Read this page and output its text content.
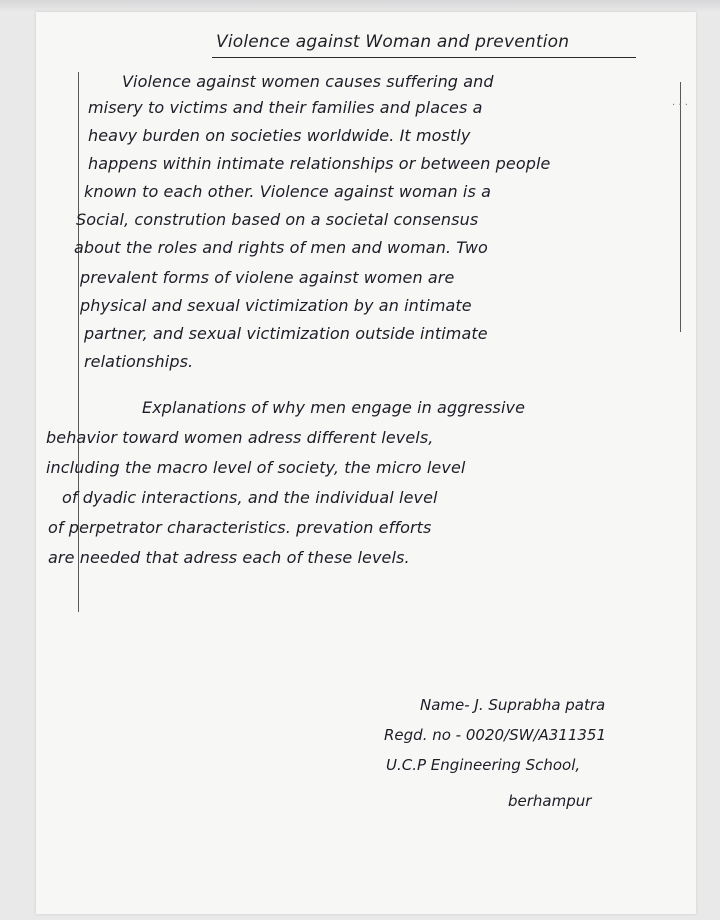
Violence against Woman and prevention
· · ·
Violence against women causes suffering and
misery to victims and their families and places a
heavy burden on societies worldwide. It mostly
happens within intimate relationships or between people
known to each other. Violence against woman is a
Social, constrution based on a societal consensus
about the roles and rights of men and woman. Two
prevalent forms of violene against women are
physical and sexual victimization by an intimate
partner, and sexual victimization outside intimate
relationships.
Explanations of why men engage in aggressive
behavior toward women adress different levels,
including the macro level of society, the micro level
of dyadic interactions, and the individual level
of perpetrator characteristics. prevation efforts
are needed that adress each of these levels.
Name- J. Suprabha patra
Regd. no - 0020/SW/A311351
U.C.P Engineering School,
berhampur
